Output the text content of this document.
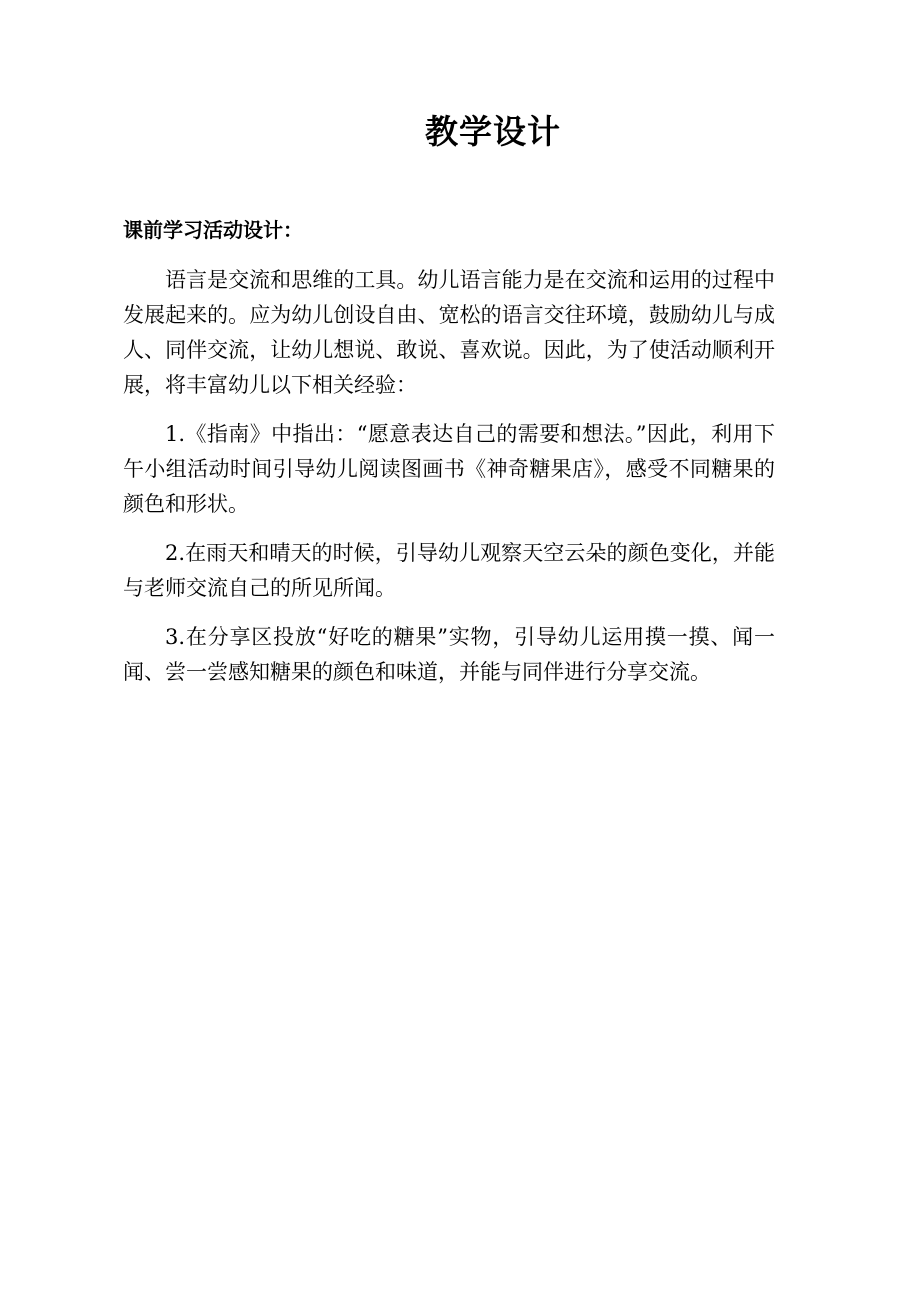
教学设计
课前学习活动设计：

语言是交流和思维的工具。幼儿语言能力是在交流和运用的过程中发展起来的。应为幼儿创设自由、宽松的语言交往环境，鼓励幼儿与成人、同伴交流，让幼儿想说、敢说、喜欢说。因此，为了使活动顺利开展，将丰富幼儿以下相关经验：

1.《指南》中指出：“愿意表达自己的需要和想法。”因此，利用下午小组活动时间引导幼儿阅读图画书《神奇糖果店》，感受不同糖果的颜色和形状。

2.在雨天和晴天的时候，引导幼儿观察天空云朵的颜色变化，并能与老师交流自己的所见所闻。

3.在分享区投放“好吃的糖果”实物，引导幼儿运用摸一摸、闻一闻、尝一尝感知糖果的颜色和味道，并能与同伴进行分享交流。
